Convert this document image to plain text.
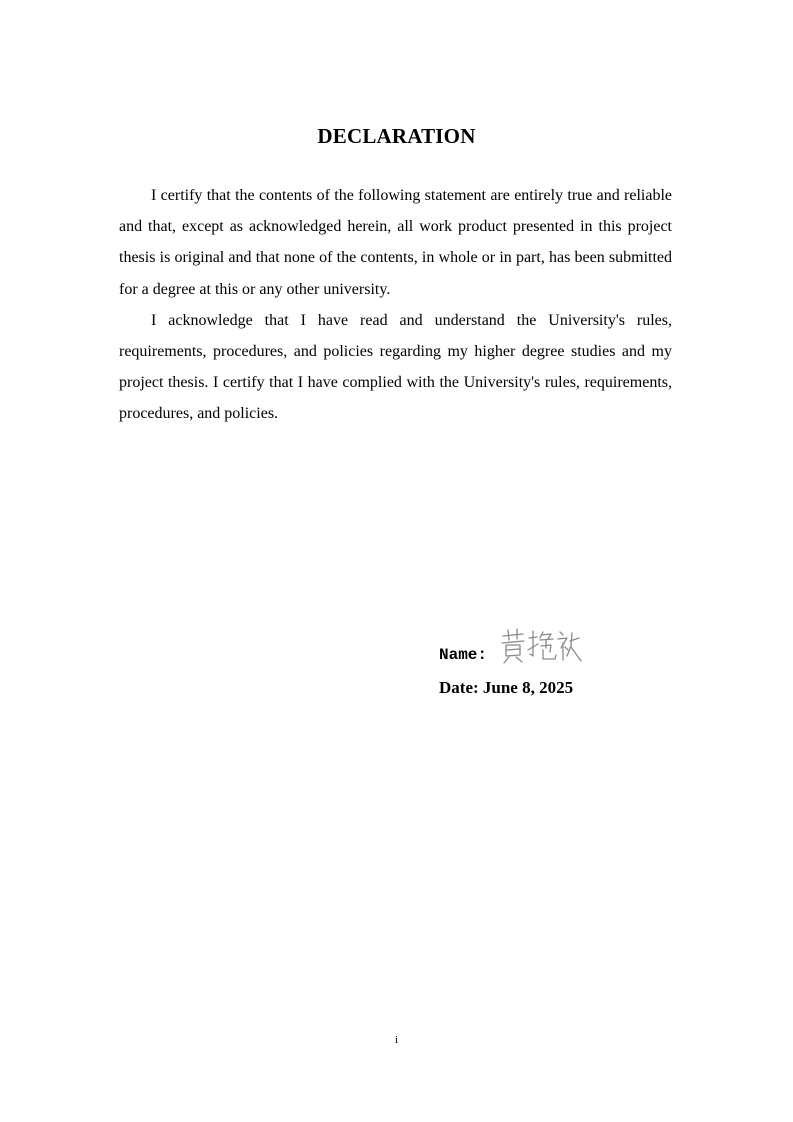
DECLARATION

I certify that the contents of the following statement are entirely true and reliable and that, except as acknowledged herein, all work product presented in this project thesis is original and that none of the contents, in whole or in part, has been submitted for a degree at this or any other university.

I acknowledge that I have read and understand the University's rules, requirements, procedures, and policies regarding my higher degree studies and my project thesis. I certify that I have complied with the University's rules, requirements, procedures, and policies.

Name:
Date: June 8, 2025
i
